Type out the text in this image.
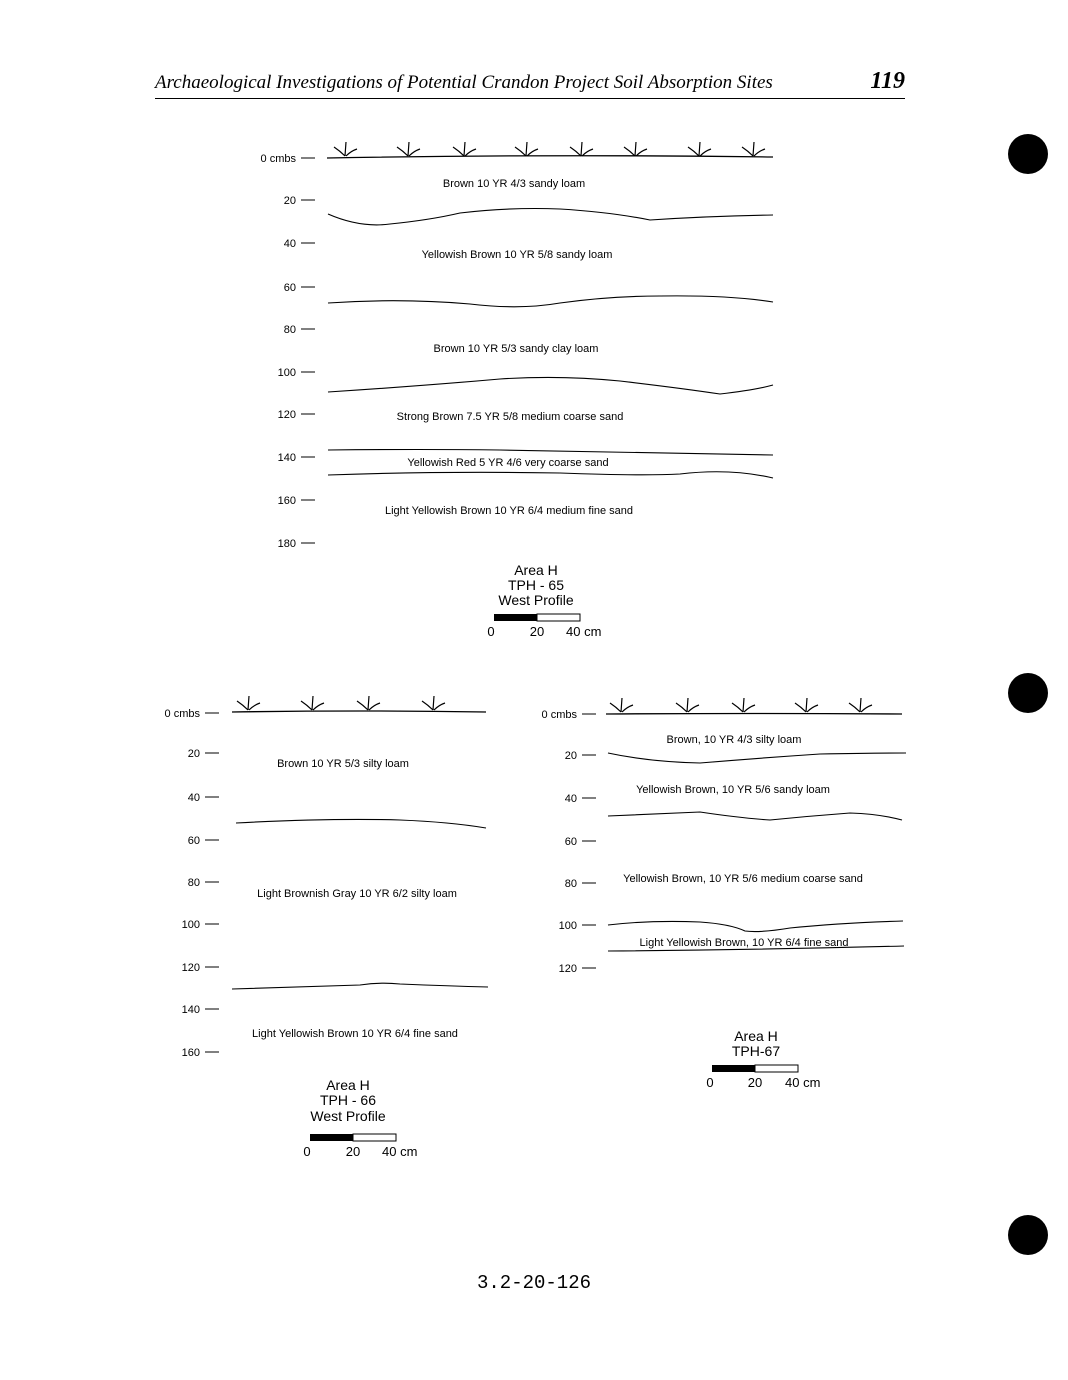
Archaeological Investigations of Potential Crandon Project Soil Absorption Sites	119
0 cmbs
20
40
60
80
100
120
140
160
180
Brown 10 YR 4/3 sandy loam
Yellowish Brown 10 YR 5/8 sandy loam
Brown 10 YR 5/3 sandy clay loam
Strong Brown 7.5 YR 5/8 medium coarse sand
Yellowish Red 5 YR 4/6 very coarse sand
Light Yellowish Brown 10 YR 6/4 medium fine sand
Area H
TPH - 65
West Profile
0	20 40 cm
0 cmbs
20
40
60
80
100
120
140
160
Brown 10 YR 5/3 silty loam
Light Brownish Gray 10 YR 6/2 silty loam
Light Yellowish Brown 10 YR 6/4 fine sand
Area H
TPH - 66
West Profile
0	20 40 cm
0 cmbs
20
40
60
80
100
120
Brown, 10 YR 4/3 silty loam
Yellowish Brown, 10 YR 5/6 sandy loam
Yellowish Brown, 10 YR 5/6 medium coarse sand
Light Yellowish Brown, 10 YR 6/4 fine sand
Area H
TPH-67
0	20 40 cm
3.2-20-126
